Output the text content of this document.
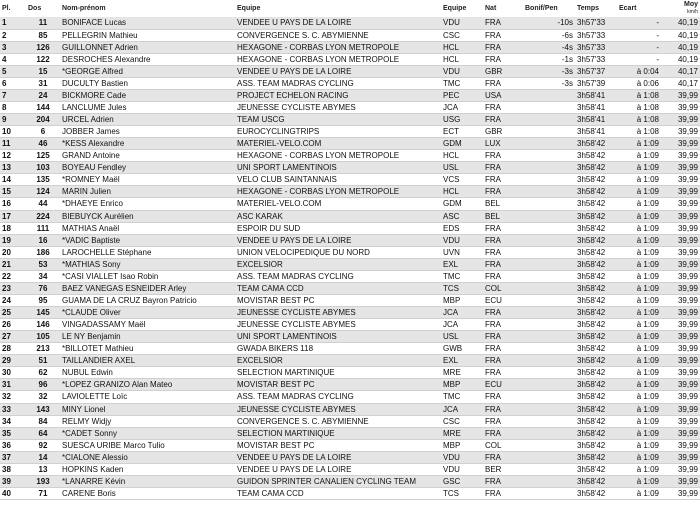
Pl.	Dos	Nom-prénom	Equipe	Equipe	Nat	Bonif/Pen	Temps	Ecart	Moy
km/h
1	11	BONIFACE Lucas	VENDEE U PAYS DE LA LOIRE	VDU	FRA	-10s	3h57'33	-	40,19
2	85	PELLEGRIN Mathieu	CONVERGENCE S. C. ABYMIENNE	CSC	FRA	-6s	3h57'33	-	40,19
3	126	GUILLONNET Adrien	HEXAGONE - CORBAS LYON METROPOLE	HCL	FRA	-4s	3h57'33	-	40,19
4	122	DESROCHES Alexandre	HEXAGONE - CORBAS LYON METROPOLE	HCL	FRA	-1s	3h57'33	-	40,19
5	15	*GEORGE Alfred	VENDEE U PAYS DE LA LOIRE	VDU	GBR	-3s	3h57'37	à 0:04	40,17
6	31	DUCULTY Bastien	ASS. TEAM MADRAS CYCLING	TMC	FRA	-3s	3h57'39	à 0:06	40,17
7	24	BICKMORE Cade	PROJECT ECHELON RACING	PEC	USA		3h58'41	à 1:08	39,99
8	144	LANCLUME Jules	JEUNESSE CYCLISTE ABYMES	JCA	FRA		3h58'41	à 1:08	39,99
9	204	URCEL Adrien	TEAM USCG	USG	FRA		3h58'41	à 1:08	39,99
10	6	JOBBER James	EUROCYCLINGTRIPS	ECT	GBR		3h58'41	à 1:08	39,99
11	46	*KESS Alexandre	MATERIEL-VELO.COM	GDM	LUX		3h58'42	à 1:09	39,99
12	125	GRAND Antoine	HEXAGONE - CORBAS LYON METROPOLE	HCL	FRA		3h58'42	à 1:09	39,99
13	103	BOYEAU Fendley	UNI SPORT LAMENTINOIS	USL	FRA		3h58'42	à 1:09	39,99
14	135	*ROMNEY Maël	VELO CLUB SAINTANNAIS	VCS	FRA		3h58'42	à 1:09	39,99
15	124	MARIN Julien	HEXAGONE - CORBAS LYON METROPOLE	HCL	FRA		3h58'42	à 1:09	39,99
16	44	*DHAEYE Enrico	MATERIEL-VELO.COM	GDM	BEL		3h58'42	à 1:09	39,99
17	224	BIEBUYCK Aurélien	ASC KARAK	ASC	BEL		3h58'42	à 1:09	39,99
18	111	MATHIAS Anaël	ESPOIR DU SUD	EDS	FRA		3h58'42	à 1:09	39,99
19	16	*VADIC Baptiste	VENDEE U PAYS DE LA LOIRE	VDU	FRA		3h58'42	à 1:09	39,99
20	186	LAROCHELLE Stéphane	UNION VELOCIPEDIQUE DU NORD	UVN	FRA		3h58'42	à 1:09	39,99
21	53	*MATHIAS Sony	EXCELSIOR	EXL	FRA		3h58'42	à 1:09	39,99
22	34	*CASI VIALLET Isao Robin	ASS. TEAM MADRAS CYCLING	TMC	FRA		3h58'42	à 1:09	39,99
23	76	BAEZ VANEGAS ESNEIDER Arley	TEAM CAMA CCD	TCS	COL		3h58'42	à 1:09	39,99
24	95	GUAMA DE LA CRUZ Bayron Patricio	MOVISTAR BEST PC	MBP	ECU		3h58'42	à 1:09	39,99
25	145	*CLAUDE Oliver	JEUNESSE CYCLISTE ABYMES	JCA	FRA		3h58'42	à 1:09	39,99
26	146	VINGADASSAMY Maël	JEUNESSE CYCLISTE ABYMES	JCA	FRA		3h58'42	à 1:09	39,99
27	105	LE NY Benjamin	UNI SPORT LAMENTINOIS	USL	FRA		3h58'42	à 1:09	39,99
28	213	*BILLOTET Mathieu	GWADA BIKERS 118	GWB	FRA		3h58'42	à 1:09	39,99
29	51	TAILLANDIER AXEL	EXCELSIOR	EXL	FRA		3h58'42	à 1:09	39,99
30	62	NUBUL Edwin	SELECTION MARTINIQUE	MRE	FRA		3h58'42	à 1:09	39,99
31	96	*LOPEZ GRANIZO Alan Mateo	MOVISTAR BEST PC	MBP	ECU		3h58'42	à 1:09	39,99
32	32	LAVIOLETTE Loïc	ASS. TEAM MADRAS CYCLING	TMC	FRA		3h58'42	à 1:09	39,99
33	143	MINY Lionel	JEUNESSE CYCLISTE ABYMES	JCA	FRA		3h58'42	à 1:09	39,99
34	84	RELMY Widjy	CONVERGENCE S. C. ABYMIENNE	CSC	FRA		3h58'42	à 1:09	39,99
35	64	*CADET Sonny	SELECTION MARTINIQUE	MRE	FRA		3h58'42	à 1:09	39,99
36	92	SUESCA URIBE Marco Tulio	MOVISTAR BEST PC	MBP	COL		3h58'42	à 1:09	39,99
37	14	*CIALONE Alessio	VENDEE U PAYS DE LA LOIRE	VDU	FRA		3h58'42	à 1:09	39,99
38	13	HOPKINS Kaden	VENDEE U PAYS DE LA LOIRE	VDU	BER		3h58'42	à 1:09	39,99
39	193	*LANARRE Kévin	GUIDON SPRINTER CANALIEN CYCLING TEAM	GSC	FRA		3h58'42	à 1:09	39,99
40	71	CARENE Boris	TEAM CAMA CCD	TCS	FRA		3h58'42	à 1:09	39,99
